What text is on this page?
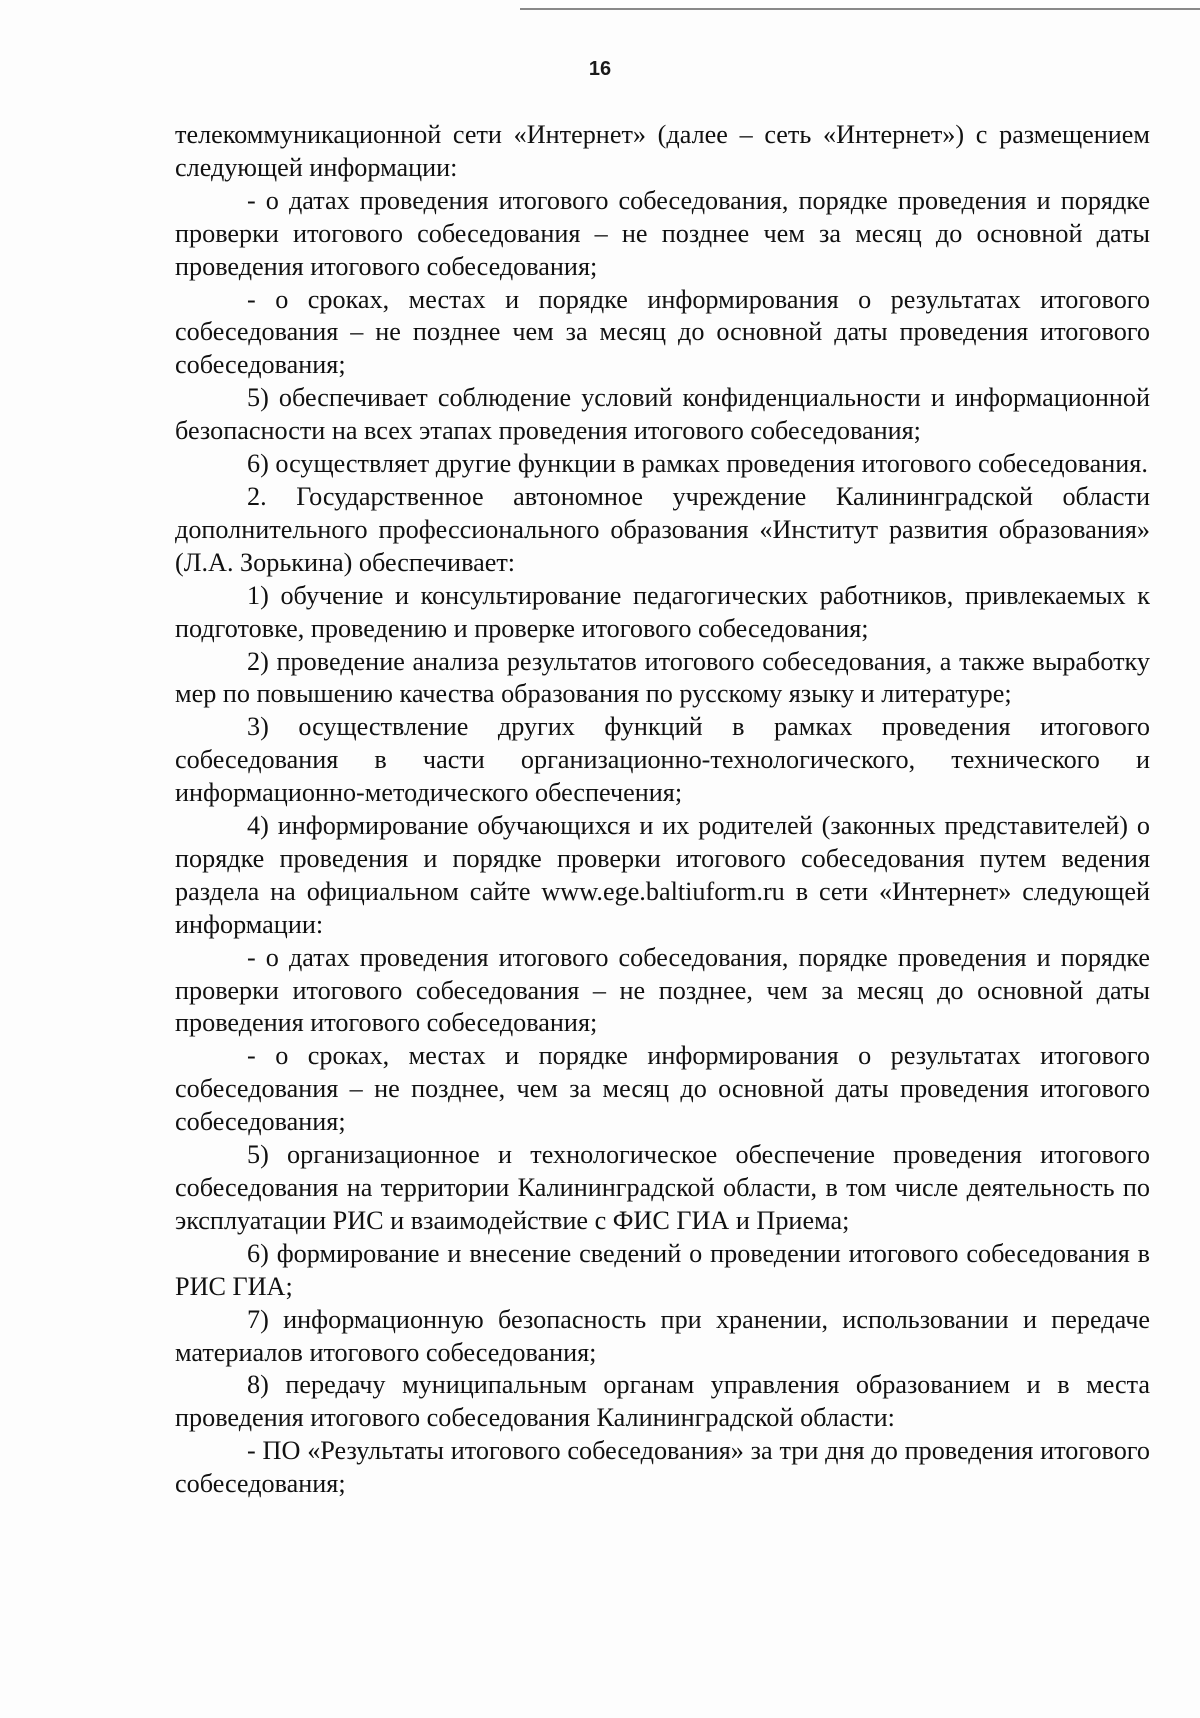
16

телекоммуникационной сети «Интернет» (далее – сеть «Интернет») с размещением следующей информации:

- о датах проведения итогового собеседования, порядке проведения и порядке проверки итогового собеседования – не позднее чем за месяц до основной даты проведения итогового собеседования;

- о сроках, местах и порядке информирования о результатах итогового собеседования – не позднее чем за месяц до основной даты проведения итогового собеседования;

5) обеспечивает соблюдение условий конфиденциальности и информационной безопасности на всех этапах проведения итогового собеседования;

6) осуществляет другие функции в рамках проведения итогового собеседования.

2. Государственное автономное учреждение Калининградской области дополнительного профессионального образования «Институт развития образования» (Л.А. Зорькина) обеспечивает:

1) обучение и консультирование педагогических работников, привлекаемых к подготовке, проведению и проверке итогового собеседования;

2) проведение анализа результатов итогового собеседования, а также выработку мер по повышению качества образования по русскому языку и литературе;

3) осуществление других функций в рамках проведения итогового собеседования в части организационно-технологического, технического и информационно-методического обеспечения;

4) информирование обучающихся и их родителей (законных представителей) о порядке проведения и порядке проверки итогового собеседования путем ведения раздела на официальном сайте www.ege.baltiuform.ru в сети «Интернет» следующей информации:

- о датах проведения итогового собеседования, порядке проведения и порядке проверки итогового собеседования – не позднее, чем за месяц до основной даты проведения итогового собеседования;

- о сроках, местах и порядке информирования о результатах итогового собеседования – не позднее, чем за месяц до основной даты проведения итогового собеседования;

5) организационное и технологическое обеспечение проведения итогового собеседования на территории Калининградской области, в том числе деятельность по эксплуатации РИС и взаимодействие с ФИС ГИА и Приема;

6) формирование и внесение сведений о проведении итогового собеседования в РИС ГИА;

7) информационную безопасность при хранении, использовании и передаче материалов итогового собеседования;

8) передачу муниципальным органам управления образованием и в места проведения итогового собеседования Калининградской области:

- ПО «Результаты итогового собеседования» за три дня до проведения итогового собеседования;
